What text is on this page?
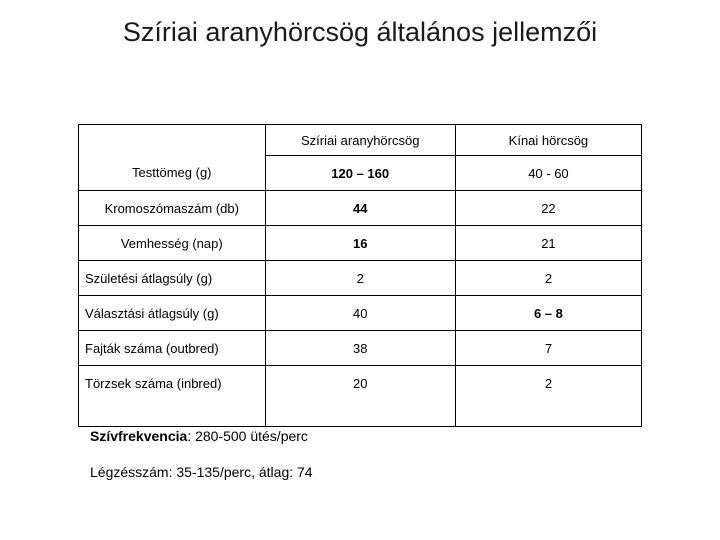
Szíriai aranyhörcsög általános jellemzői
	Szíriai aranyhörcsög	Kínai hörcsög
Testtömeg (g)	120 – 160	40 - 60
Kromoszómaszám (db)	44	22
Vemhesség (nap)	16	21
Születési átlagsúly (g)	2	2
Választási átlagsúly (g)	40	6 – 8
Fajták száma (outbred)	38	7
Törzsek száma (inbred)	20	2
Szívfrekvencia: 280-500 ütés/perc
Légzésszám: 35-135/perc, átlag: 74
